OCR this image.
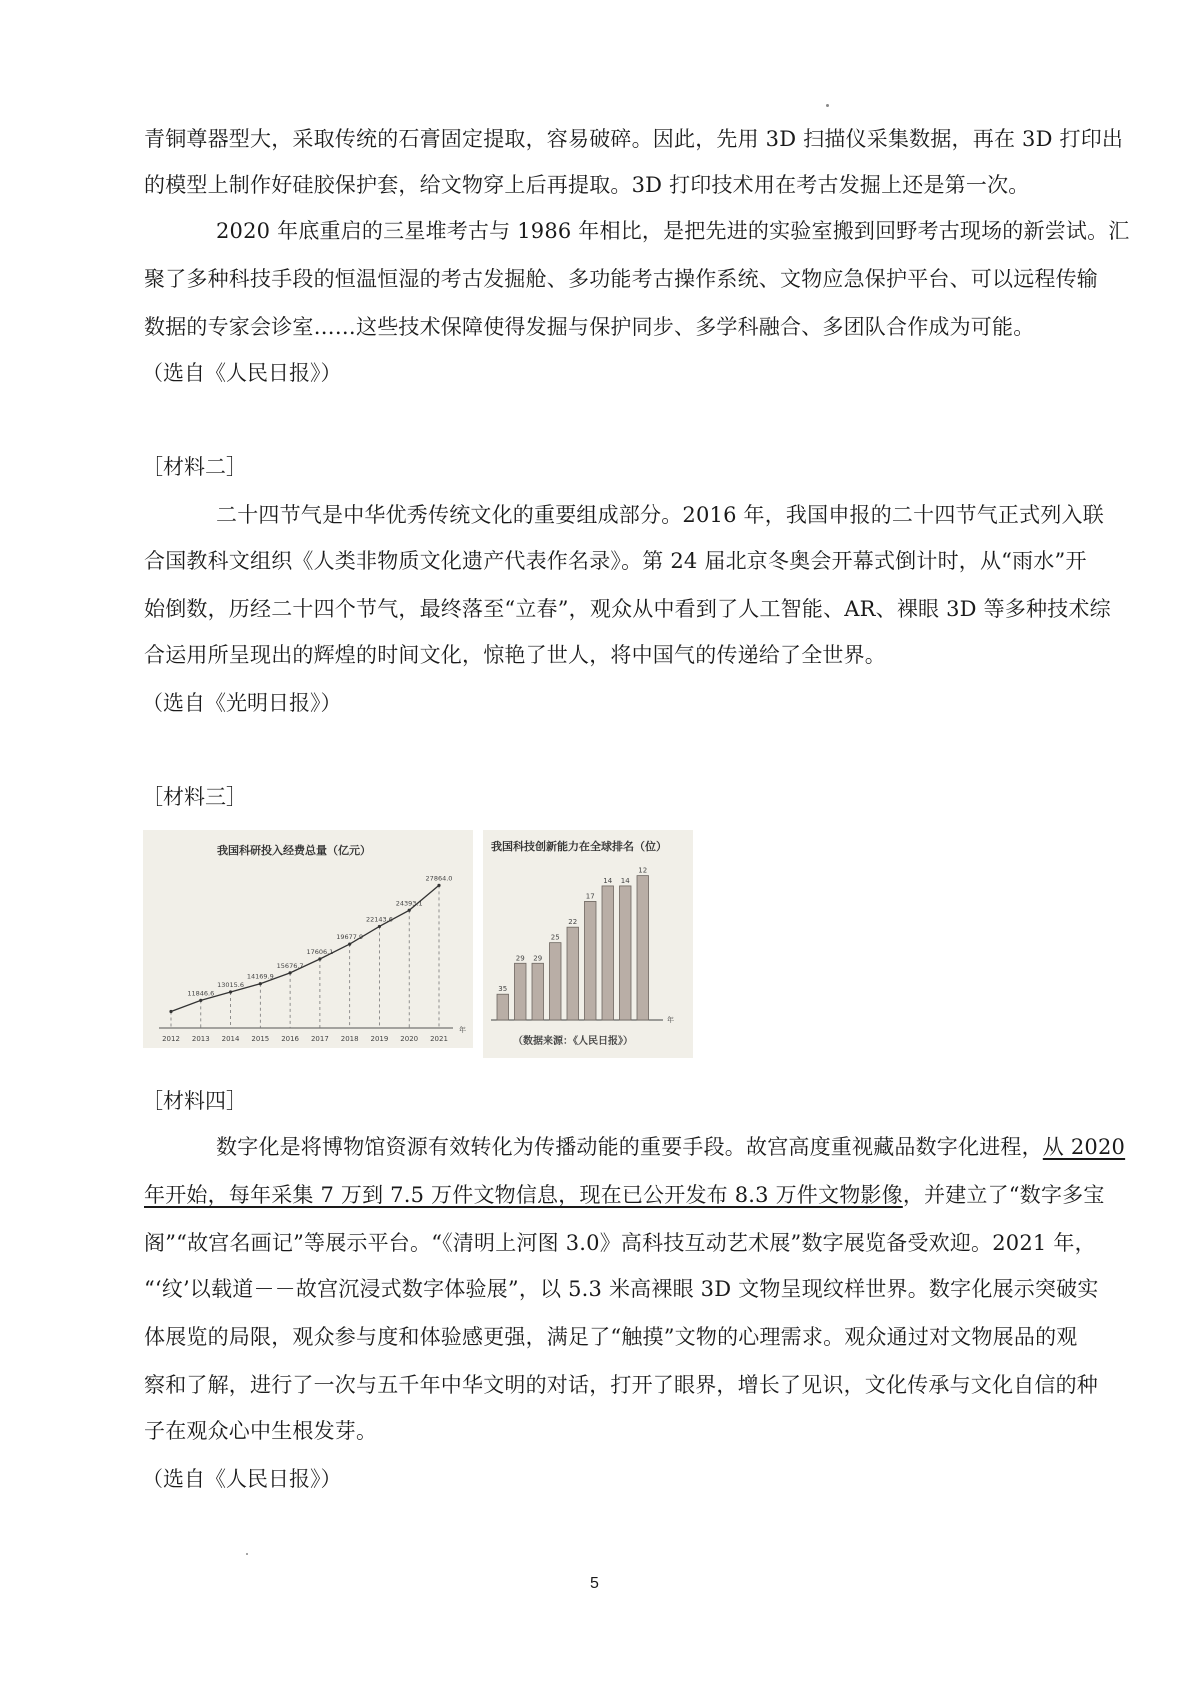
青铜尊器型大，采取传统的石膏固定提取，容易破碎。因此，先用 3D 扫描仪采集数据，再在 3D 打印出
的模型上制作好硅胶保护套，给文物穿上后再提取。3D 打印技术用在考古发掘上还是第一次。
2020 年底重启的三星堆考古与 1986 年相比，是把先进的实验室搬到回野考古现场的新尝试。汇
聚了多种科技手段的恒温恒湿的考古发掘舱、多功能考古操作系统、文物应急保护平台、可以远程传输
数据的专家会诊室……这些技术保障使得发掘与保护同步、多学科融合、多团队合作成为可能。
（选自《人民日报》）
［材料二］
二十四节气是中华优秀传统文化的重要组成部分。2016 年，我国申报的二十四节气正式列入联
合国教科文组织《人类非物质文化遗产代表作名录》。第 24 届北京冬奥会开幕式倒计时，从“雨水”开
始倒数，历经二十四个节气，最终落至“立春”，观众从中看到了人工智能、AR、裸眼 3D 等多种技术综
合运用所呈现出的辉煌的时间文化，惊艳了世人，将中国气的传递给了全世界。
（选自《光明日报》）
［材料三］
我国科研投入经费总量（亿元）
2012 2013
11846.6
2014
13015.6
2015
14169.9
2016
15676.7
2017
17606.1
2018
19677.9
2019
22143.6
2020
24393.1
2021
27864.0
年
我国科技创新能力在全球排名（位）
35
29 29
25
22
17
14 14
12
年
（数据来源：《人民日报》）
［材料四］
数字化是将博物馆资源有效转化为传播动能的重要手段。故宫高度重视藏品数字化进程，从 2020
年开始，每年采集 7 万到 7.5 万件文物信息，现在已公开发布 8.3 万件文物影像，并建立了“数字多宝
阁”“故宫名画记”等展示平台。“《清明上河图 3.0》高科技互动艺术展”数字展览备受欢迎。2021 年，
“‘纹’以载道－－故宫沉浸式数字体验展”，以 5.3 米高裸眼 3D 文物呈现纹样世界。数字化展示突破实
体展览的局限，观众参与度和体验感更强，满足了“触摸”文物的心理需求。观众通过对文物展品的观
察和了解，进行了一次与五千年中华文明的对话，打开了眼界，增长了见识，文化传承与文化自信的种
子在观众心中生根发芽。
（选自《人民日报》）
5
